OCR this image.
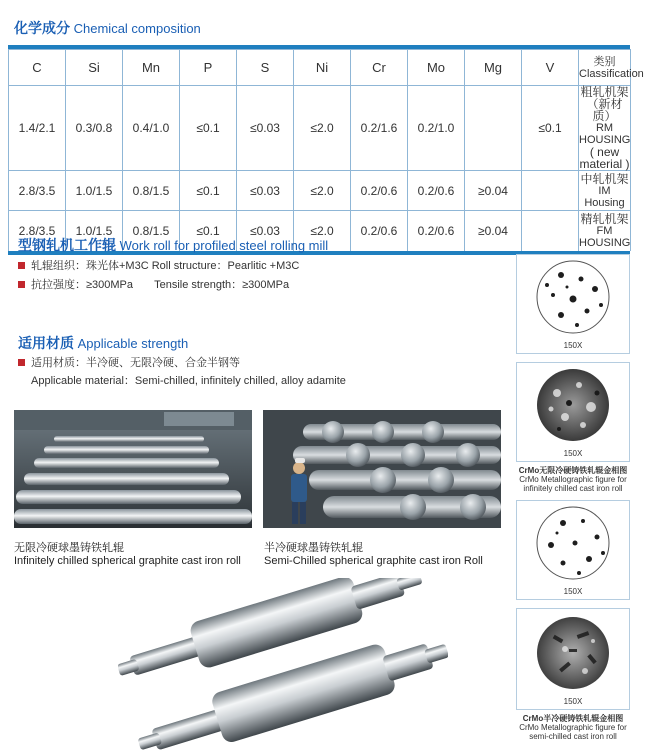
化学成分 Chemical composition
C	Si	Mn	P	S	Ni	Cr	Mo	Mg	V	类别
Classification

1.4/2.1	0.3/0.8	0.4/1.0	≤0.1	≤0.03	≤2.0	0.2/1.6	0.2/1.0		≤0.1	粗轧机架（新材质）
RM HOUSING
( new material )

2.8/3.5	1.0/1.5	0.8/1.5	≤0.1	≤0.03	≤2.0	0.2/0.6	0.2/0.6	≥0.04		中轧机架
IM Housing

2.8/3.5	1.0/1.5	0.8/1.5	≤0.1	≤0.03	≤2.0	0.2/0.6	0.2/0.6	≥0.04		精轧机架
FM HOUSING
型钢轧机工作辊 Work roll for profiled steel rolling mill
轧辊组织：珠光体+M3C Roll structure：Pearlitic +M3C
抗拉强度：≥300MPa Tensile strength：≥300MPa
适用材质 Applicable strength
适用材质：半冷硬、无限冷硬、合金半钢等
Applicable material：Semi-chilled, infinitely chilled, alloy adamite
无限冷硬球墨铸铁轧辊
Infinitely chilled spherical graphite cast iron roll
半冷硬球墨铸铁轧辊
Semi-Chilled spherical graphite cast iron Roll
150X
150X
CrMo无限冷硬铸铁轧辊金相图
CrMo Metallographic figure for
infinitely chilled cast iron roll
150X
150X
CrMo半冷硬铸铁轧辊金相图
CrMo Metallographic figure for
semi-chilled cast iron roll
